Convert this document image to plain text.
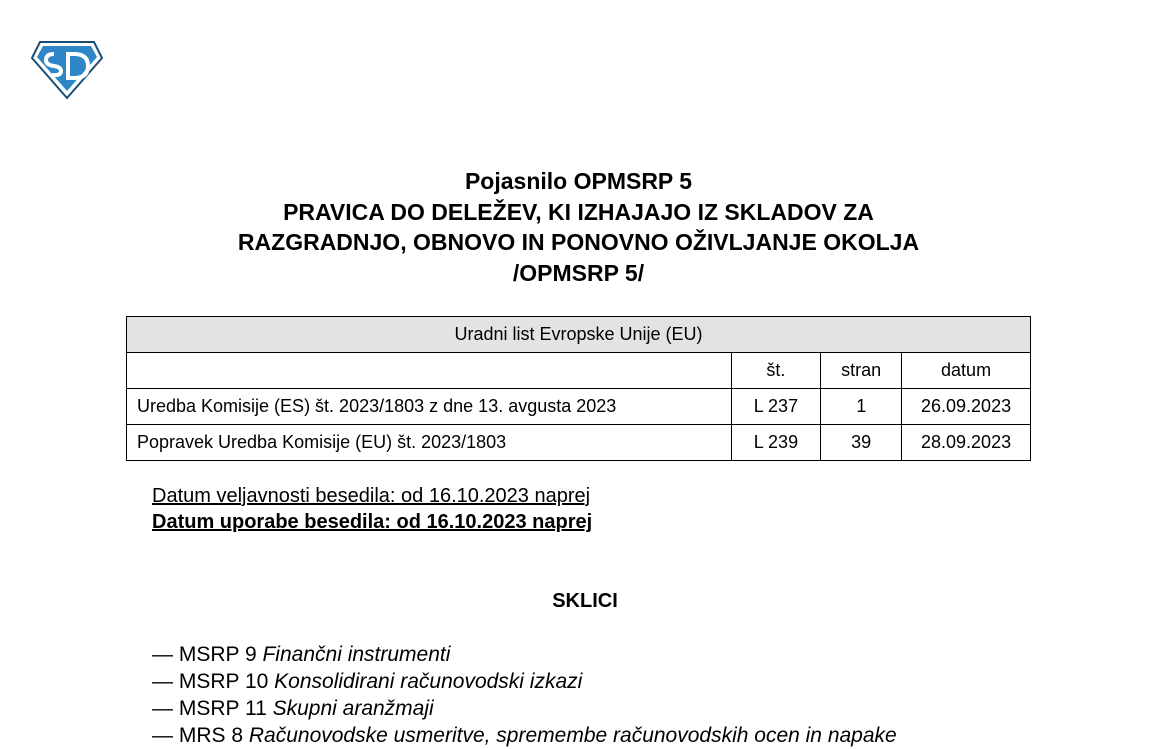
Pojasnilo OPMSRP 5
PRAVICA DO DELEŽEV, KI IZHAJAJO IZ SKLADOV ZA
RAZGRADNJO, OBNOVO IN PONOVNO OŽIVLJANJE OKOLJA
/OPMSRP 5/
Uradni list Evropske Unije (EU)			
	št.	stran	datum
Uredba Komisije (ES) št. 2023/1803 z dne 13. avgusta 2023	L 237	1	26.09.2023
Popravek Uredba Komisije (EU) št. 2023/1803	L 239	39	28.09.2023
Datum veljavnosti besedila: od 16.10.2023 naprej
Datum uporabe besedila: od 16.10.2023 naprej
SKLICI
— MSRP 9 Finančni instrumenti
— MSRP 10 Konsolidirani računovodski izkazi
— MSRP 11 Skupni aranžmaji
— MRS 8 Računovodske usmeritve, spremembe računovodskih ocen in napake
